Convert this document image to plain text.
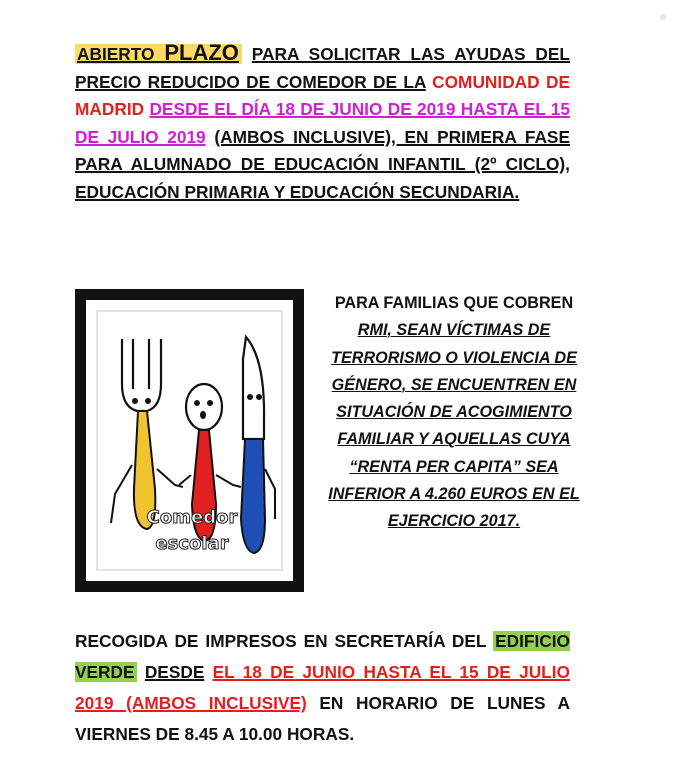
ABIERTO PLAZO PARA SOLICITAR LAS AYUDAS DEL PRECIO REDUCIDO DE COMEDOR DE LA COMUNIDAD DE MADRID DESDE EL DÍA 18 DE JUNIO DE 2019 HASTA EL 15 DE JULIO 2019 (AMBOS INCLUSIVE), EN PRIMERA FASE PARA ALUMNADO DE EDUCACIÓN INFANTIL (2º CICLO), EDUCACIÓN PRIMARIA Y EDUCACIÓN SECUNDARIA.
Comedor
escolar
PARA FAMILIAS QUE COBREN RMI, SEAN VÍCTIMAS DE TERRORISMO O VIOLENCIA DE GÉNERO, SE ENCUENTREN EN SITUACIÓN DE ACOGIMIENTO FAMILIAR Y AQUELLAS CUYA “RENTA PER CAPITA” SEA INFERIOR A 4.260 EUROS EN EL EJERCICIO 2017.
RECOGIDA DE IMPRESOS EN SECRETARÍA DEL EDIFICIO VERDE DESDE EL 18 DE JUNIO HASTA EL 15 DE JULIO 2019 (AMBOS INCLUSIVE) EN HORARIO DE LUNES A VIERNES DE 8.45 A 10.00 HORAS.
